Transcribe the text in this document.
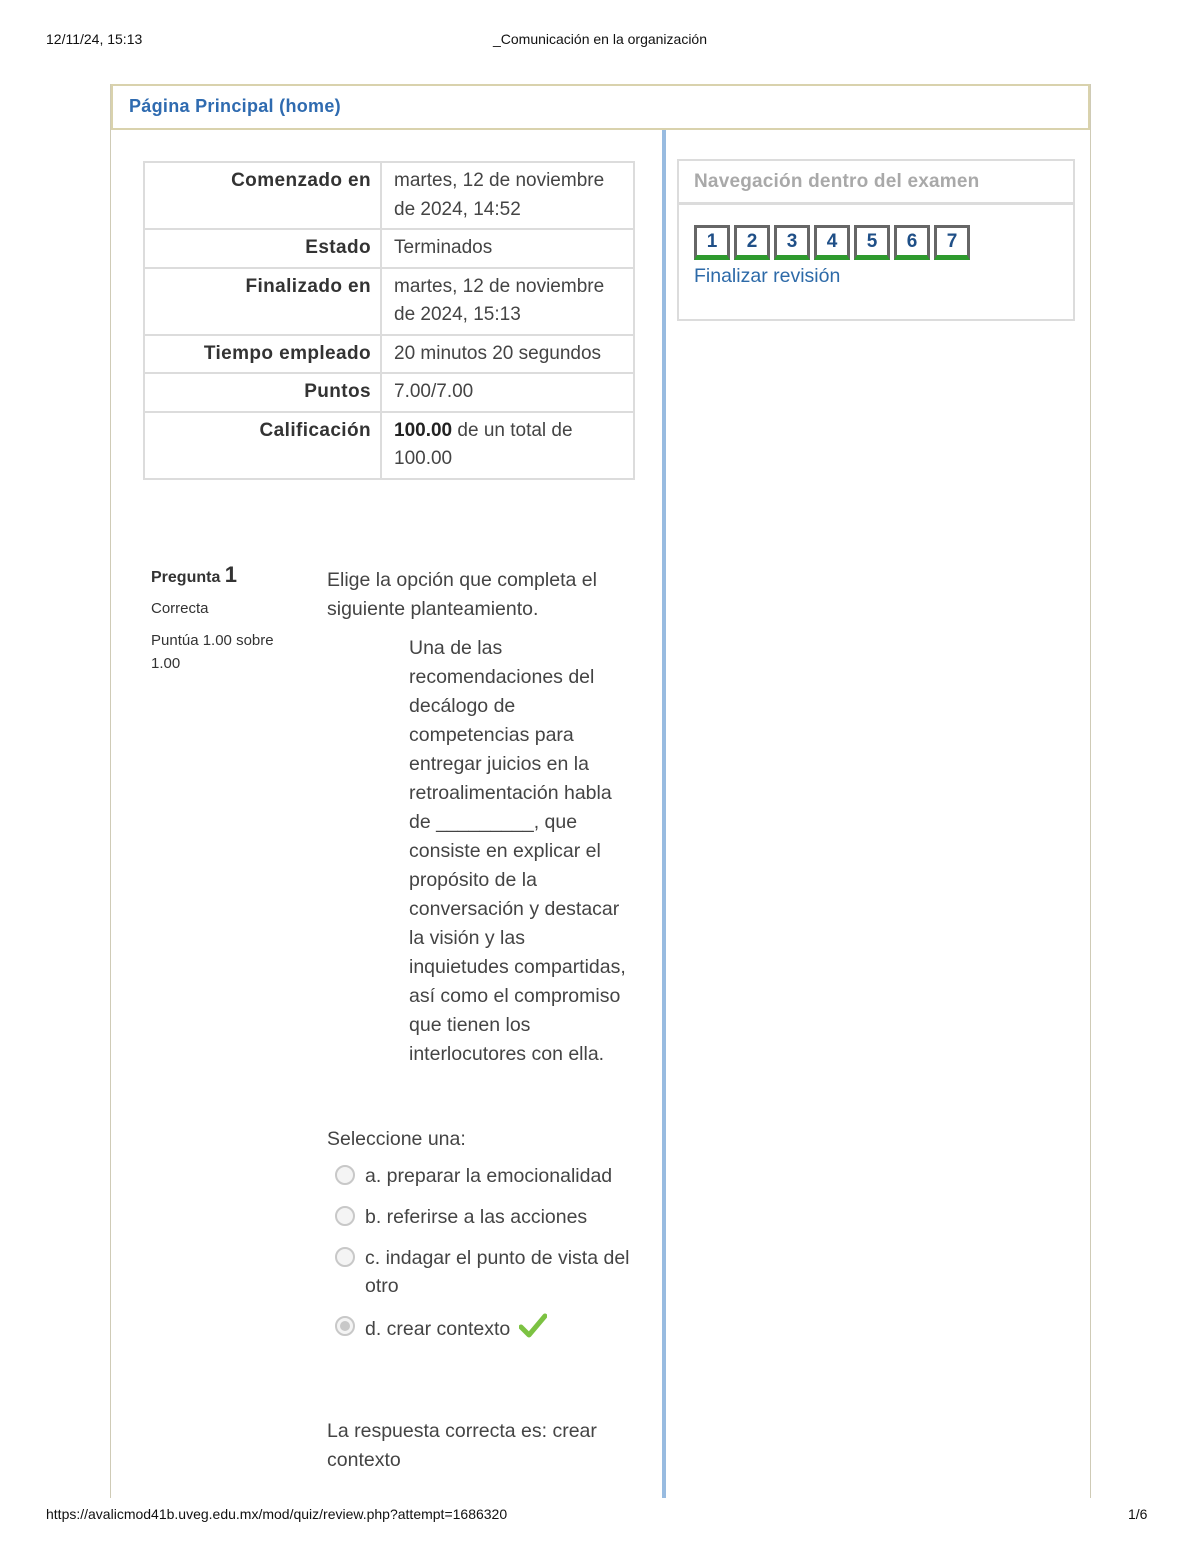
12/11/24, 15:13	_Comunicación en la organización
Página Principal (home)
Comenzado en	martes, 12 de noviembre de 2024, 14:52
Estado	Terminados
Finalizado en	martes, 12 de noviembre de 2024, 15:13
Tiempo empleado	20 minutos 20 segundos
Puntos	7.00/7.00
Calificación	100.00 de un total de 100.00
Pregunta 1
Correcta
Puntúa 1.00 sobre 1.00
Elige la opción que completa el siguiente planteamiento.
Una de las recomendaciones del decálogo de competencias para entregar juicios en la retroalimentación habla de _________, que consiste en explicar el propósito de la conversación y destacar la visión y las inquietudes compartidas, así como el compromiso que tienen los interlocutores con ella.
Seleccione una:
a. preparar la emocionalidad
b. referirse a las acciones
c. indagar el punto de vista del otro
d. crear contexto
La respuesta correcta es: crear contexto
Navegación dentro del examen
1	2	3	4	5	6	7
Finalizar revisión
https://avalicmod41b.uveg.edu.mx/mod/quiz/review.php?attempt=1686320	1/6
